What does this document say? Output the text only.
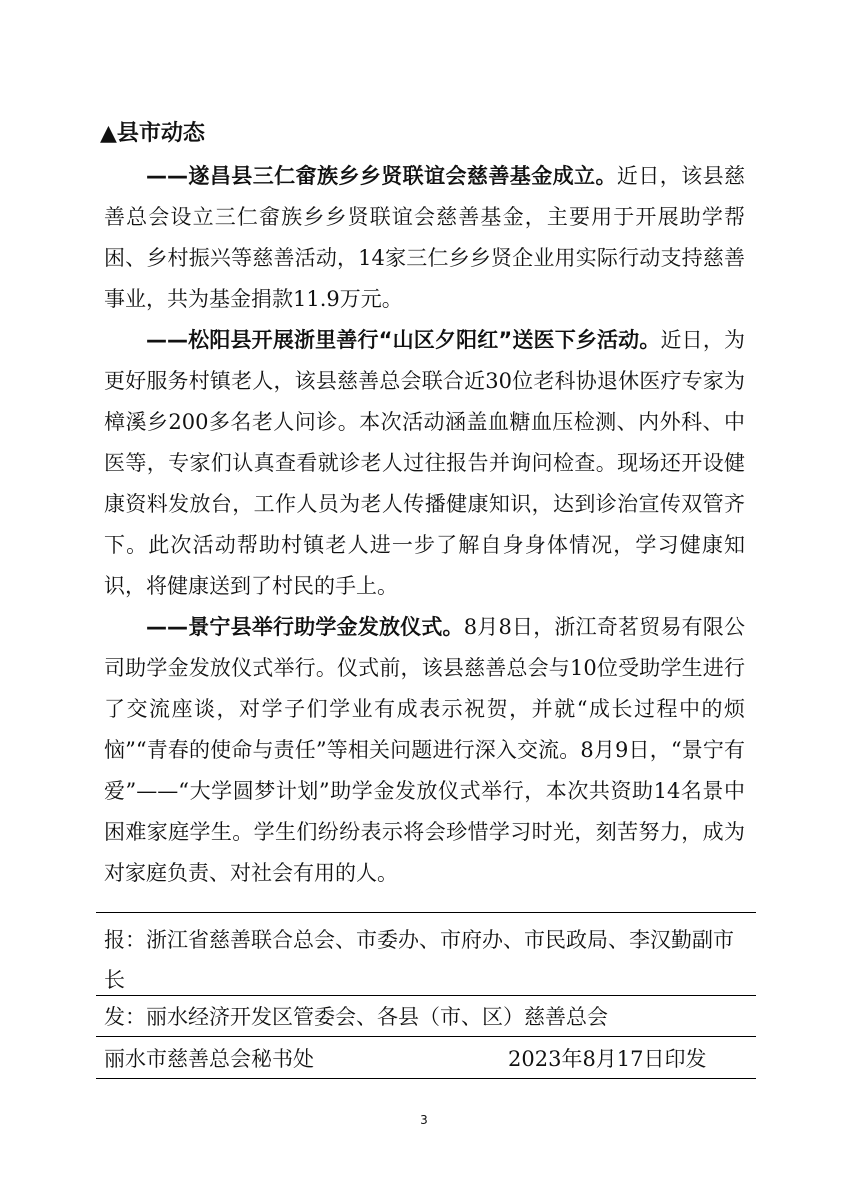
▲县市动态

——遂昌县三仁畲族乡乡贤联谊会慈善基金成立。近日，该县慈善总会设立三仁畲族乡乡贤联谊会慈善基金，主要用于开展助学帮困、乡村振兴等慈善活动，14家三仁乡乡贤企业用实际行动支持慈善事业，共为基金捐款11.9万元。

——松阳县开展浙里善行“山区夕阳红”送医下乡活动。近日，为更好服务村镇老人，该县慈善总会联合近30位老科协退休医疗专家为樟溪乡200多名老人问诊。本次活动涵盖血糖血压检测、内外科、中医等，专家们认真查看就诊老人过往报告并询问检查。现场还开设健康资料发放台，工作人员为老人传播健康知识，达到诊治宣传双管齐下。此次活动帮助村镇老人进一步了解自身身体情况，学习健康知识，将健康送到了村民的手上。

——景宁县举行助学金发放仪式。8月8日，浙江奇茗贸易有限公司助学金发放仪式举行。仪式前，该县慈善总会与10位受助学生进行了交流座谈，对学子们学业有成表示祝贺，并就“成长过程中的烦恼”“青春的使命与责任”等相关问题进行深入交流。8月9日，“景宁有爱”——“大学圆梦计划”助学金发放仪式举行，本次共资助14名景中困难家庭学生。学生们纷纷表示将会珍惜学习时光，刻苦努力，成为对家庭负责、对社会有用的人。

报：浙江省慈善联合总会、市委办、市府办、市民政局、李汉勤副市长
发：丽水经济开发区管委会、各县（市、区）慈善总会
丽水市慈善总会秘书处	2023年8月17日印发
3
